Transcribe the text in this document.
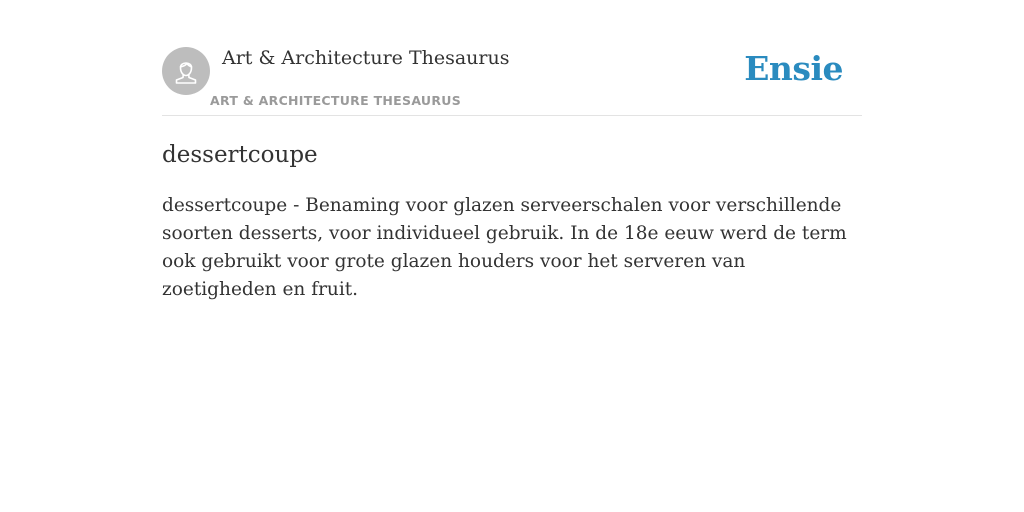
Art & Architecture Thesaurus
ART & ARCHITECTURE THESAURUS
Ensie
dessertcoupe
dessertcoupe - Benaming voor glazen serveerschalen voor verschillende soorten desserts, voor individueel gebruik. In de 18e eeuw werd de term ook gebruikt voor grote glazen houders voor het serveren van zoetigheden en fruit.
